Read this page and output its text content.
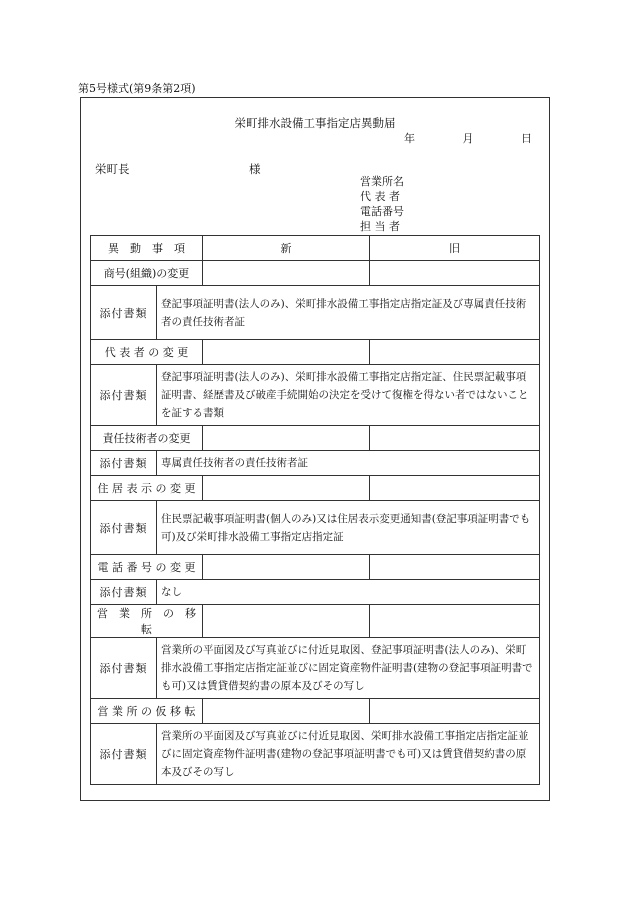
第5号様式(第9条第2項)
栄町排水設備工事指定店異動届
年	月	日
栄町長	様
営業所名
代 表 者
電話番号
担 当 者
異　動　事　項		新	旧
商号(組織)の変更			
添付書類	登記事項証明書(法人のみ)、栄町排水設備工事指定店指定証及び専属責任技術者の責任技術者証		
代 表 者 の 変 更			
添付書類	登記事項証明書(法人のみ)、栄町排水設備工事指定店指定証、住民票記載事項証明書、経歴書及び破産手続開始の決定を受けて復権を得ない者ではないことを証する書類		
責任技術者の変更			
添付書類	専属責任技術者の責任技術者証		
住 居 表 示 の 変 更			
添付書類	住民票記載事項証明書(個人のみ)又は住居表示変更通知書(登記事項証明書でも可)及び栄町排水設備工事指定店指定証		
電 話 番 号 の 変 更			
添付書類	なし		
営　業　所　の　移　転			
添付書類	営業所の平面図及び写真並びに付近見取図、登記事項証明書(法人のみ)、栄町排水設備工事指定店指定証並びに固定資産物件証明書(建物の登記事項証明書でも可)又は賃貸借契約書の原本及びその写し		
営 業 所 の 仮 移 転			
添付書類	営業所の平面図及び写真並びに付近見取図、栄町排水設備工事指定店指定証並びに固定資産物件証明書(建物の登記事項証明書でも可)又は賃貸借契約書の原本及びその写し		
